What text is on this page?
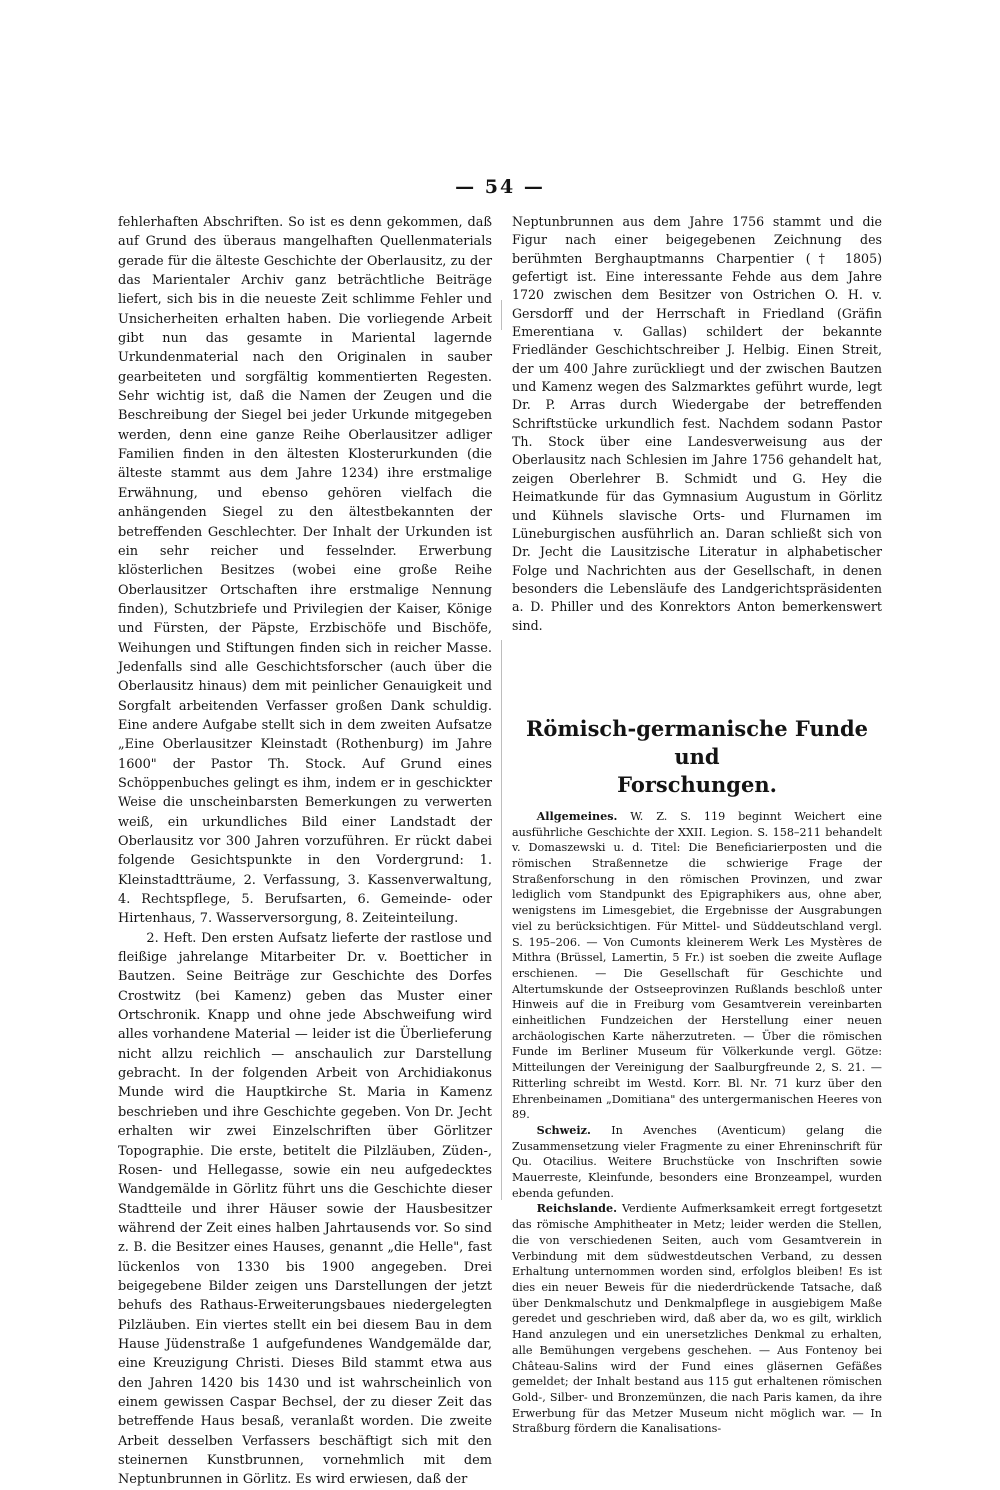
— 54 —

fehlerhaften Abschriften. So ist es denn gekommen, daß auf Grund des überaus mangelhaften Quellenmaterials gerade für die älteste Geschichte der Oberlausitz, zu der das Marientaler Archiv ganz beträchtliche Beiträge liefert, sich bis in die neueste Zeit schlimme Fehler und Unsicherheiten erhalten haben. Die vorliegende Arbeit gibt nun das gesamte in Mariental lagernde Urkundenmaterial nach den Originalen in sauber gearbeiteten und sorgfältig kommentierten Regesten. Sehr wichtig ist, daß die Namen der Zeugen und die Beschreibung der Siegel bei jeder Urkunde mitgegeben werden, denn eine ganze Reihe Oberlausitzer adliger Familien finden in den ältesten Klosterurkunden (die älteste stammt aus dem Jahre 1234) ihre erstmalige Erwähnung, und ebenso gehören vielfach die anhängenden Siegel zu den ältestbekannten der betreffenden Geschlechter. Der Inhalt der Urkunden ist ein sehr reicher und fesselnder. Erwerbung klösterlichen Besitzes (wobei eine große Reihe Oberlausitzer Ortschaften ihre erstmalige Nennung finden), Schutzbriefe und Privilegien der Kaiser, Könige und Fürsten, der Päpste, Erzbischöfe und Bischöfe, Weihungen und Stiftungen finden sich in reicher Masse. Jedenfalls sind alle Geschichtsforscher (auch über die Oberlausitz hinaus) dem mit peinlicher Genauigkeit und Sorgfalt arbeitenden Verfasser großen Dank schuldig. Eine andere Aufgabe stellt sich in dem zweiten Aufsatze „Eine Oberlausitzer Kleinstadt (Rothenburg) im Jahre 1600" der Pastor Th. Stock. Auf Grund eines Schöppenbuches gelingt es ihm, indem er in geschickter Weise die unscheinbarsten Bemerkungen zu verwerten weiß, ein urkundliches Bild einer Landstadt der Oberlausitz vor 300 Jahren vorzuführen. Er rückt dabei folgende Gesichtspunkte in den Vordergrund: 1. Kleinstadtträume, 2. Verfassung, 3. Kassenverwaltung, 4. Rechtspflege, 5. Berufsarten, 6. Gemeinde- oder Hirtenhaus, 7. Wasserversorgung, 8. Zeiteinteilung.

2. Heft. Den ersten Aufsatz lieferte der rastlose und fleißige jahrelange Mitarbeiter Dr. v. Boetticher in Bautzen. Seine Beiträge zur Geschichte des Dorfes Crostwitz (bei Kamenz) geben das Muster einer Ortschronik. Knapp und ohne jede Abschweifung wird alles vorhandene Material — leider ist die Überlieferung nicht allzu reichlich — anschaulich zur Darstellung gebracht. In der folgenden Arbeit von Archidiakonus Munde wird die Hauptkirche St. Maria in Kamenz beschrieben und ihre Geschichte gegeben. Von Dr. Jecht erhalten wir zwei Einzelschriften über Görlitzer Topographie. Die erste, betitelt die Pilzläuben, Züden-, Rosen- und Hellegasse, sowie ein neu aufgedecktes Wandgemälde in Görlitz führt uns die Geschichte dieser Stadtteile und ihrer Häuser sowie der Hausbesitzer während der Zeit eines halben Jahrtausends vor. So sind z. B. die Besitzer eines Hauses, genannt „die Helle", fast lückenlos von 1330 bis 1900 angegeben. Drei beigegebene Bilder zeigen uns Darstellungen der jetzt behufs des Rathaus-Erweiterungsbaues niedergelegten Pilzläuben. Ein viertes stellt ein bei diesem Bau in dem Hause Jüdenstraße 1 aufgefundenes Wandgemälde dar, eine Kreuzigung Christi. Dieses Bild stammt etwa aus den Jahren 1420 bis 1430 und ist wahrscheinlich von einem gewissen Caspar Bechsel, der zu dieser Zeit das betreffende Haus besaß, veranlaßt worden. Die zweite Arbeit desselben Verfassers beschäftigt sich mit den steinernen Kunstbrunnen, vornehmlich mit dem Neptunbrunnen in Görlitz. Es wird erwiesen, daß der

Neptunbrunnen aus dem Jahre 1756 stammt und die Figur nach einer beigegebenen Zeichnung des berühmten Berghauptmanns Charpentier († 1805) gefertigt ist. Eine interessante Fehde aus dem Jahre 1720 zwischen dem Besitzer von Ostrichen O. H. v. Gersdorff und der Herrschaft in Friedland (Gräfin Emerentiana v. Gallas) schildert der bekannte Friedländer Geschichtschreiber J. Helbig. Einen Streit, der um 400 Jahre zurückliegt und der zwischen Bautzen und Kamenz wegen des Salzmarktes geführt wurde, legt Dr. P. Arras durch Wiedergabe der betreffenden Schriftstücke urkundlich fest. Nachdem sodann Pastor Th. Stock über eine Landesverweisung aus der Oberlausitz nach Schlesien im Jahre 1756 gehandelt hat, zeigen Oberlehrer B. Schmidt und G. Hey die Heimatkunde für das Gymnasium Augustum in Görlitz und Kühnels slavische Orts- und Flurnamen im Lüneburgischen ausführlich an. Daran schließt sich von Dr. Jecht die Lausitzische Literatur in alphabetischer Folge und Nachrichten aus der Gesellschaft, in denen besonders die Lebensläufe des Landgerichtspräsidenten a. D. Philler und des Konrektors Anton bemerkenswert sind.

Römisch-germanische Funde und
Forschungen.

Allgemeines. W. Z. S. 119 beginnt Weichert eine ausführliche Geschichte der XXII. Legion. S. 158–211 behandelt v. Domaszewski u. d. Titel: Die Beneficiarierposten und die römischen Straßennetze die schwierige Frage der Straßenforschung in den römischen Provinzen, und zwar lediglich vom Standpunkt des Epigraphikers aus, ohne aber, wenigstens im Limesgebiet, die Ergebnisse der Ausgrabungen viel zu berücksichtigen. Für Mittel- und Süddeutschland vergl. S. 195–206. — Von Cumonts kleinerem Werk Les Mystères de Mithra (Brüssel, Lamertin, 5 Fr.) ist soeben die zweite Auflage erschienen. — Die Gesellschaft für Geschichte und Altertumskunde der Ostseeprovinzen Rußlands beschloß unter Hinweis auf die in Freiburg vom Gesamtverein vereinbarten einheitlichen Fundzeichen der Herstellung einer neuen archäologischen Karte näherzutreten. — Über die römischen Funde im Berliner Museum für Völkerkunde vergl. Götze: Mitteilungen der Vereinigung der Saalburgfreunde 2, S. 21. — Ritterling schreibt im Westd. Korr. Bl. Nr. 71 kurz über den Ehrenbeinamen „Domitiana" des untergermanischen Heeres von 89.

Schweiz. In Avenches (Aventicum) gelang die Zusammensetzung vieler Fragmente zu einer Ehreninschrift für Qu. Otacilius. Weitere Bruchstücke von Inschriften sowie Mauerreste, Kleinfunde, besonders eine Bronzeampel, wurden ebenda gefunden.

Reichslande. Verdiente Aufmerksamkeit erregt fortgesetzt das römische Amphitheater in Metz; leider werden die Stellen, die von verschiedenen Seiten, auch vom Gesamtverein in Verbindung mit dem südwestdeutschen Verband, zu dessen Erhaltung unternommen worden sind, erfolglos bleiben! Es ist dies ein neuer Beweis für die niederdrückende Tatsache, daß über Denkmalschutz und Denkmalpflege in ausgiebigem Maße geredet und geschrieben wird, daß aber da, wo es gilt, wirklich Hand anzulegen und ein unersetzliches Denkmal zu erhalten, alle Bemühungen vergebens geschehen. — Aus Fontenoy bei Château-Salins wird der Fund eines gläsernen Gefäßes gemeldet; der Inhalt bestand aus 115 gut erhaltenen römischen Gold-, Silber- und Bronzemünzen, die nach Paris kamen, da ihre Erwerbung für das Metzer Museum nicht möglich war. — In Straßburg fördern die Kanalisations-
